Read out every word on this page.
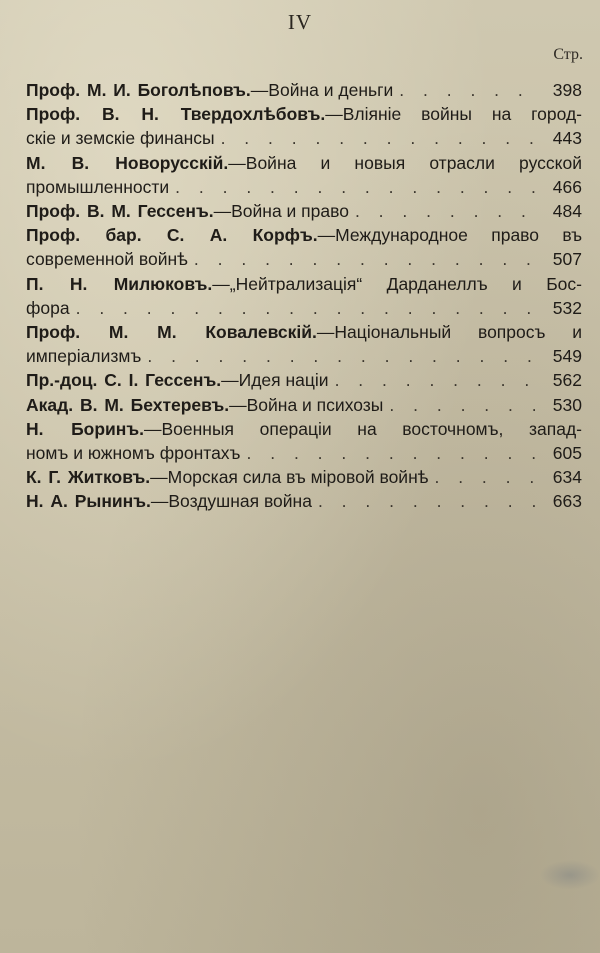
IV
Стр.
Проф. М. И. Боголѣповъ. —Война и деньги . . .	398
Проф. В. Н. Твердохлѣбовъ.—Вліяніе войны на город-
скіе и земскіе финансы . . .	443
М. В. Новорусскій.—Война и новыя отрасли русской
промышленности . . .	466
Проф. В. М. Гессенъ. —Война и право . . .	484
Проф. бар. С. А. Корфъ.—Международное право въ
современной войнѣ . . .	507
П. Н. Милюковъ.—„Нейтрализація“ Дарданеллъ и Бос-
фора . . .	532
Проф. М. М. Ковалевскій.—Національный вопросъ и
имперіализмъ . . .	549
Пр.-доц. С. І. Гессенъ. —Идея націи . . .	562
Акад. В. М. Бехтеревъ. —Война и психозы . . .	530
Н. Боринъ.—Военныя операціи на восточномъ, запад-
номъ и южномъ фронтахъ . . .	605
К. Г. Житковъ. —Морская сила въ міровой войнѣ . . .	634
Н. А. Рынинъ. —Воздушная война . . .	663
